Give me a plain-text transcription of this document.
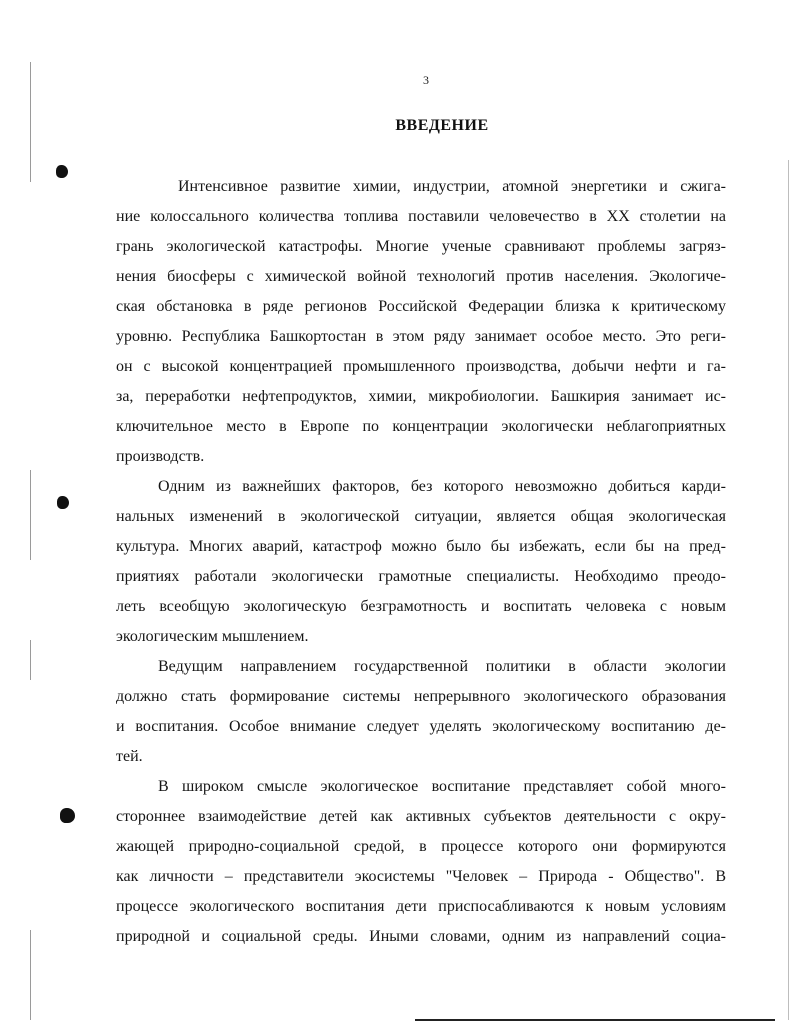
3
ВВЕДЕНИЕ
Интенсивное развитие химии, индустрии, атомной энергетики и сжига-
ние колоссального количества топлива поставили человечество в XX столетии на
грань экологической катастрофы. Многие ученые сравнивают проблемы загряз-
нения биосферы с химической войной технологий против населения. Экологиче-
ская обстановка в ряде регионов Российской Федерации близка к критическому
уровню. Республика Башкортостан в этом ряду занимает особое место. Это реги-
он с высокой концентрацией промышленного производства, добычи нефти и га-
за, переработки нефтепродуктов, химии, микробиологии. Башкирия занимает ис-
ключительное место в Европе по концентрации экологически неблагоприятных
производств.
Одним из важнейших факторов, без которого невозможно добиться карди-
нальных изменений в экологической ситуации, является общая экологическая
культура. Многих аварий, катастроф можно было бы избежать, если бы на пред-
приятиях работали экологически грамотные специалисты. Необходимо преодо-
леть всеобщую экологическую безграмотность и воспитать человека с новым
экологическим мышлением.
Ведущим направлением государственной политики в области экологии
должно стать формирование системы непрерывного экологического образования
и воспитания. Особое внимание следует уделять экологическому воспитанию де-
тей.
В широком смысле экологическое воспитание представляет собой много-
стороннее взаимодействие детей как активных субъектов деятельности с окру-
жающей природно-социальной средой, в процессе которого они формируются
как личности – представители экосистемы "Человек – Природа - Общество". В
процессе экологического воспитания дети приспосабливаются к новым условиям
природной и социальной среды. Иными словами, одним из направлений социа-
